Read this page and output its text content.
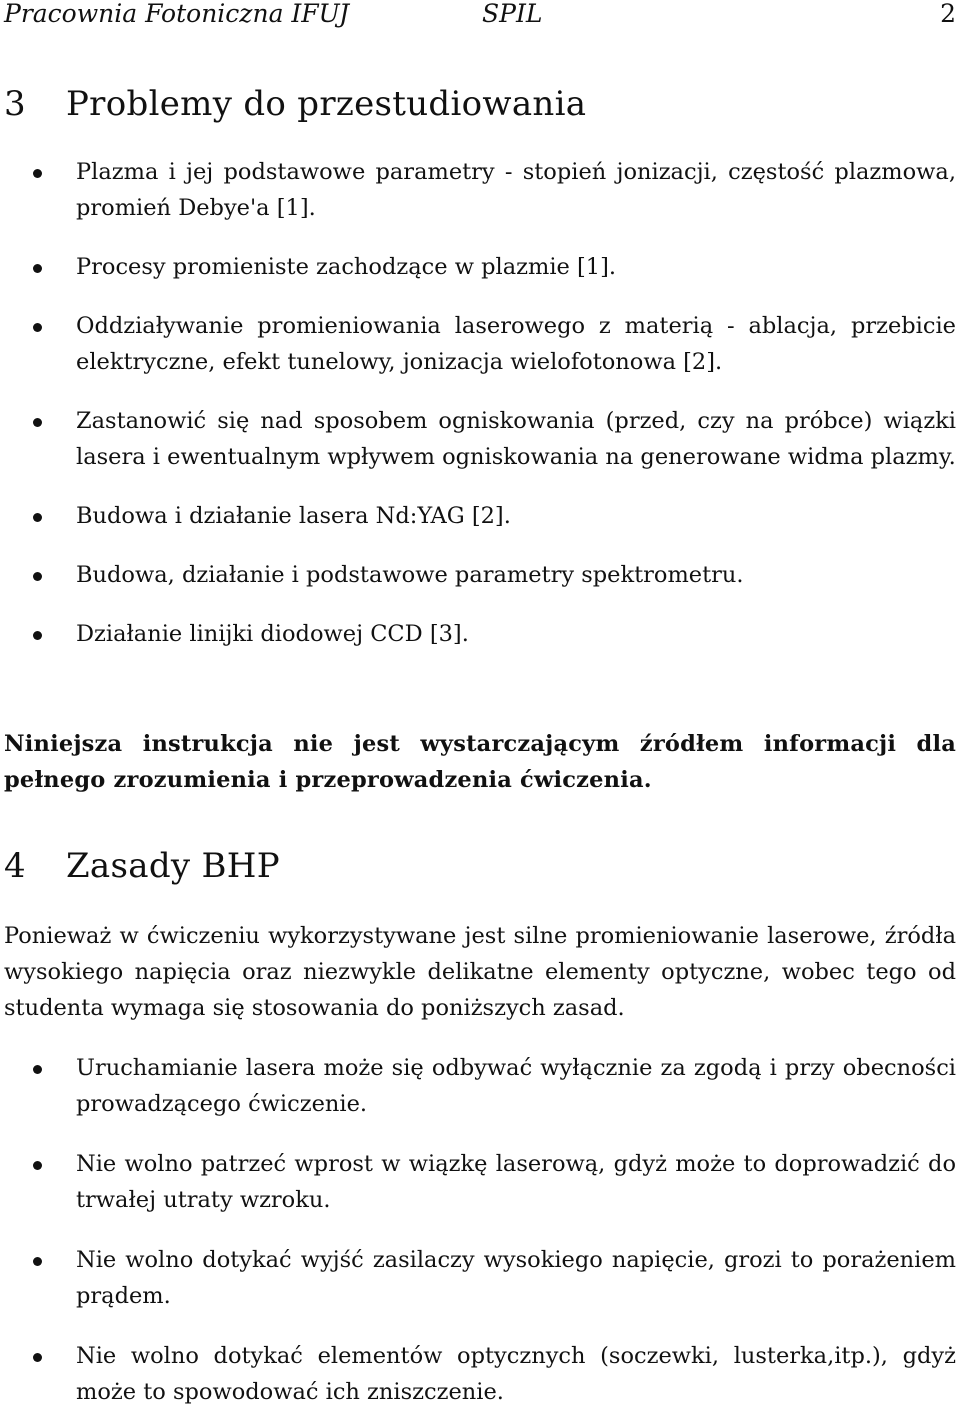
Pracownia Fotoniczna IFUJ	SPIL	2
3 Problemy do przestudiowania
Plazma i jej podstawowe parametry - stopień jonizacji, częstość plazmowa, promień Debye'a [1].
Procesy promieniste zachodzące w plazmie [1].
Oddziaływanie promieniowania laserowego z materią - ablacja, przebicie elektryczne, efekt tunelowy, jonizacja wielofotonowa [2].
Zastanowić się nad sposobem ogniskowania (przed, czy na próbce) wiązki lasera i ewentualnym wpływem ogniskowania na generowane widma plazmy.
Budowa i działanie lasera Nd:YAG [2].
Budowa, działanie i podstawowe parametry spektrometru.
Działanie linijki diodowej CCD [3].

Niniejsza instrukcja nie jest wystarczającym źródłem informacji dla pełnego zrozumienia i przeprowadzenia ćwiczenia.

4 Zasady BHP

Ponieważ w ćwiczeniu wykorzystywane jest silne promieniowanie laserowe, źródła wysokiego napięcia oraz niezwykle delikatne elementy optyczne, wobec tego od studenta wymaga się stosowania do poniższych zasad.

Uruchamianie lasera może się odbywać wyłącznie za zgodą i przy obecności prowadzącego ćwiczenie.
Nie wolno patrzeć wprost w wiązkę laserową, gdyż może to doprowadzić do trwałej utraty wzroku.
Nie wolno dotykać wyjść zasilaczy wysokiego napięcie, grozi to porażeniem prądem.
Nie wolno dotykać elementów optycznych (soczewki, lusterka,itp.), gdyż może to spowodować ich zniszczenie.
